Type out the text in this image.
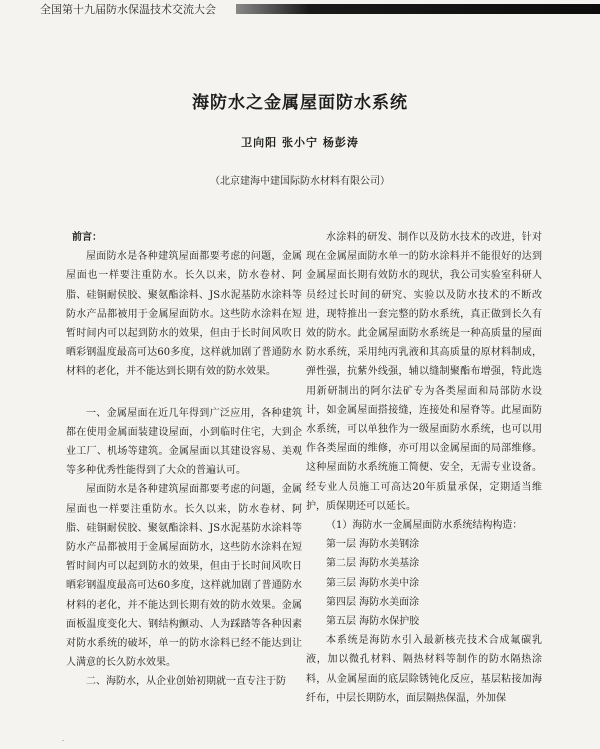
全国第十九届防水保温技术交流大会
海防水之金属屋面防水系统
卫向阳 张小宁 杨彭涛
（北京建海中建国际防水材料有限公司）

前言：

屋面防水是各种建筑屋面都要考虑的问题，金属屋面也一样要注重防水。长久以来，防水卷材、阿脂、硅铜耐侯胶、聚氨酯涂料、JS水泥基防水涂料等防水产品都被用于金属屋面防水。这些防水涂料在短暂时间内可以起到防水的效果，但由于长时间风吹日晒彩钢温度最高可达60多度，这样就加剧了普通防水材料的老化，并不能达到长期有效的防水效果。

一、金属屋面在近几年得到广泛应用，各种建筑都在使用金属面装建设屋面，小到临时住宅，大到企业工厂、机场等建筑。金属屋面以其建设容易、美观等多种优秀性能得到了大众的普遍认可。

屋面防水是各种建筑屋面都要考虑的问题，金属屋面也一样要注重防水。长久以来，防水卷材、阿脂、硅铜耐侯胶、聚氨酯涂料、JS水泥基防水涂料等防水产品都被用于金属屋面防水，这些防水涂料在短暂时间内可以起到防水的效果，但由于长时间风吹日晒彩钢温度最高可达60多度，这样就加剧了普通防水材料的老化，并不能达到长期有效的防水效果。金属面板温度变化大、钢结构颤动、人为踩踏等各种因素对防水系统的破坏，单一的防水涂料已经不能达到让人满意的长久防水效果。

二、海防水，从企业创始初期就一直专注于防

水涂料的研发、制作以及防水技术的改进，针对现在金属屋面防水单一的防水涂料并不能很好的达到金属屋面长期有效防水的现状，我公司实验室科研人员经过长时间的研究、实验以及防水技术的不断改进，现特推出一套完整的防水系统，真正做到长久有效的防水。此金属屋面防水系统是一种高质量的屋面防水系统，采用纯丙乳液和其高质量的原材料制成，弹性强，抗紫外线强，辅以缝制聚酯布增强，特此选用新研制出的阿尔法矿专为各类屋面和局部防水设计，如金属屋面搭接缝，连接处和屋脊等。此屋面防水系统，可以单独作为一级屋面防水系统，也可以用作各类屋面的维修，亦可用以金属屋面的局部维修。这种屋面防水系统施工简便、安全，无需专业设备。经专业人员施工可高达20年质量承保，定期适当维护，质保期还可以延长。

（1）海防水一金属屋面防水系统结构构造：

第一层 海防水美钢涂

第二层 海防水美基涂

第三层 海防水美中涂

第四层 海防水美面涂

第五层 海防水保护胶

本系统是海防水引入最新核壳技术合成氟碳乳液，加以微孔材料、隔热材料等制作的防水隔热涂料，从金属屋面的底层除锈钝化反应，基层粘接加海纤布，中层长期防水，面层隔热保温，外加保

.
